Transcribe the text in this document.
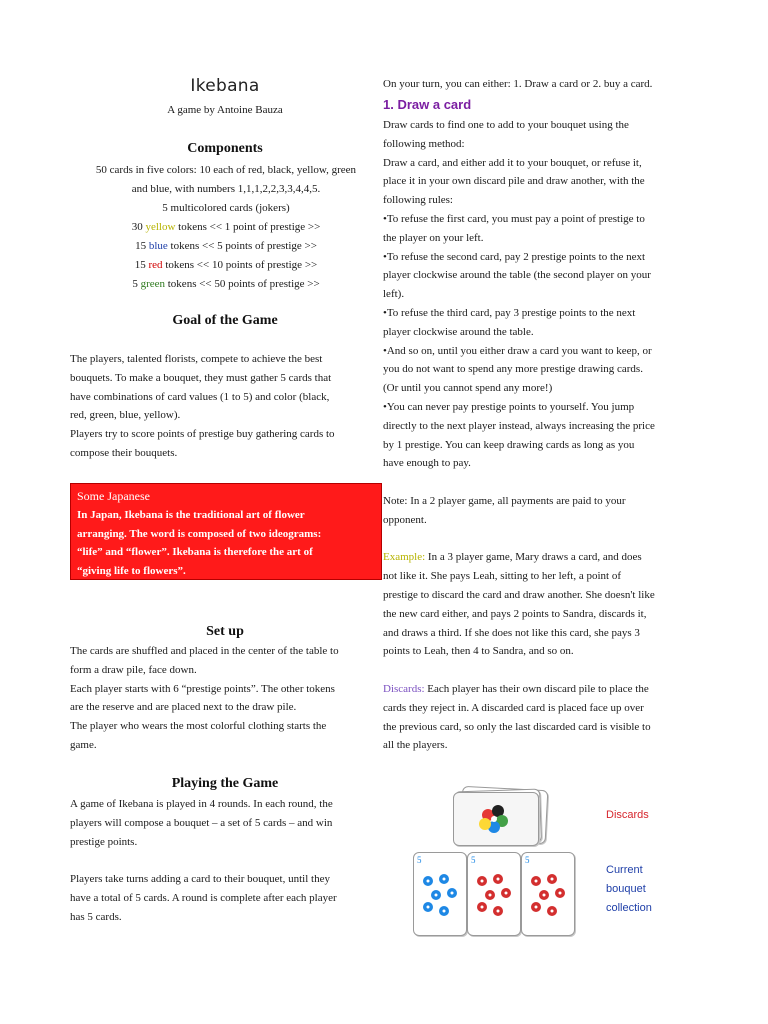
Ikebana
A game by Antoine Bauza
Components
50 cards in five colors: 10 each of red, black, yellow, green
and blue, with numbers 1,1,1,2,2,3,3,4,4,5.
5 multicolored cards (jokers)
30 yellow tokens << 1 point of prestige >>
15 blue tokens << 5 points of prestige >>
15 red tokens << 10 points of prestige >>
5 green tokens << 50 points of prestige >>
Goal of the Game
The players, talented florists, compete to achieve the best
bouquets. To make a bouquet, they must gather 5 cards that
have combinations of card values (1 to 5) and color (black,
red, green, blue, yellow).
Players try to score points of prestige buy gathering cards to
compose their bouquets.
Some Japanese
In Japan, Ikebana is the traditional art of flower
arranging. The word is composed of two ideograms:
“life” and “flower”. Ikebana is therefore the art of
“giving life to flowers”.
Set up
The cards are shuffled and placed in the center of the table to
form a draw pile, face down.
Each player starts with 6 “prestige points”. The other tokens
are the reserve and are placed next to the draw pile.
The player who wears the most colorful clothing starts the
game.
Playing the Game
A game of Ikebana is played in 4 rounds. In each round, the
players will compose a bouquet – a set of 5 cards – and win
prestige points.
Players take turns adding a card to their bouquet, until they
have a total of 5 cards. A round is complete after each player
has 5 cards.
On your turn, you can either: 1. Draw a card or 2. buy a card.
1. Draw a card
Draw cards to find one to add to your bouquet using the
following method:
Draw a card, and either add it to your bouquet, or refuse it,
place it in your own discard pile and draw another, with the
following rules:
•To refuse the first card, you must pay a point of prestige to
the player on your left.
•To refuse the second card, pay 2 prestige points to the next
player clockwise around the table (the second player on your
left).
•To refuse the third card, pay 3 prestige points to the next
player clockwise around the table.
•And so on, until you either draw a card you want to keep, or
you do not want to spend any more prestige drawing cards.
(Or until you cannot spend any more!)
•You can never pay prestige points to yourself. You jump
directly to the next player instead, always increasing the price
by 1 prestige. You can keep drawing cards as long as you
have enough to pay.
Note: In a 2 player game, all payments are paid to your
opponent.
Example: In a 3 player game, Mary draws a card, and does
not like it. She pays Leah, sitting to her left, a point of
prestige to discard the card and draw another. She doesn't like
the new card either, and pays 2 points to Sandra, discards it,
and draws a third. If she does not like this card, she pays 3
points to Leah, then 4 to Sandra, and so on.
Discards: Each player has their own discard pile to place the
cards they reject in. A discarded card is placed face up over
the previous card, so only the last discarded card is visible to
all the players.
5	5	5
Discards
Current
bouquet
collection
